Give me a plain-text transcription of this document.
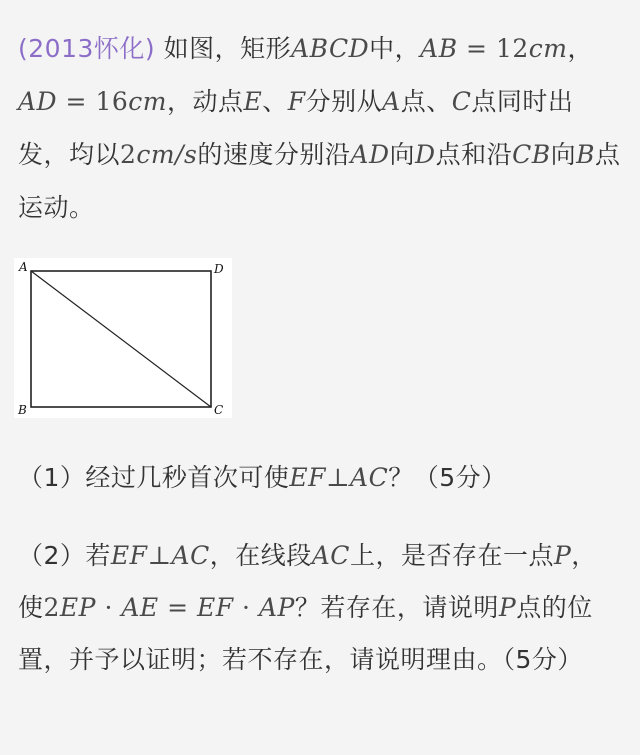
(2013怀化) 如图，矩形ABCD中，AB = 12cm，AD = 16cm，动点E、F分别从A点、C点同时出发，均以2cm/s的速度分别沿AD向D点和沿CB向B点运动。
A	D
B	C
（1）经过几秒首次可使EF⊥AC？（5分）
（2）若EF⊥AC，在线段AC上，是否存在一点P，使2EP · AE = EF · AP？若存在，请说明P点的位置，并予以证明；若不存在，请说明理由。（5分）
